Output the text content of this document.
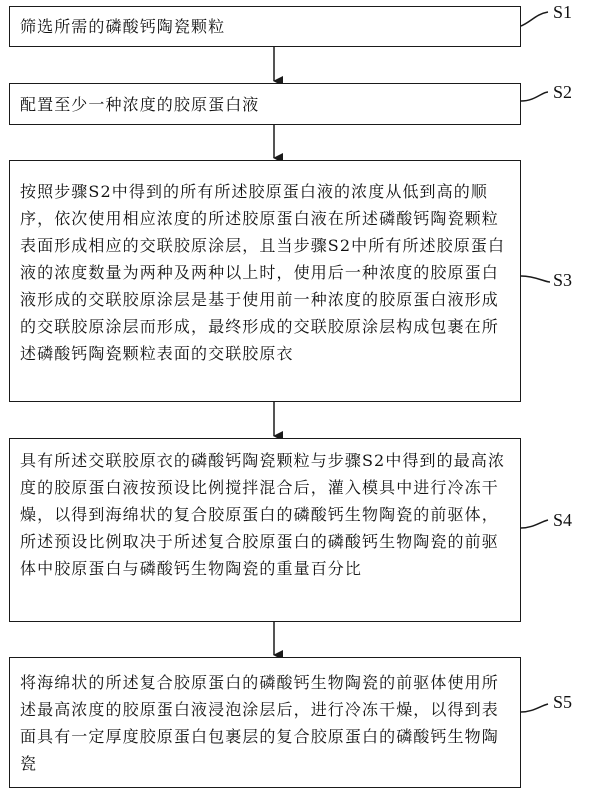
筛选所需的磷酸钙陶瓷颗粒
S1
配置至少一种浓度的胶原蛋白液
S2
按照步骤S2中得到的所有所述胶原蛋白液的浓度从低到高的顺序，依次使用相应浓度的所述胶原蛋白液在所述磷酸钙陶瓷颗粒表面形成相应的交联胶原涂层，且当步骤S2中所有所述胶原蛋白液的浓度数量为两种及两种以上时，使用后一种浓度的胶原蛋白液形成的交联胶原涂层是基于使用前一种浓度的胶原蛋白液形成的交联胶原涂层而形成，最终形成的交联胶原涂层构成包裹在所述磷酸钙陶瓷颗粒表面的交联胶原衣
S3
具有所述交联胶原衣的磷酸钙陶瓷颗粒与步骤S2中得到的最高浓度的胶原蛋白液按预设比例搅拌混合后，灌入模具中进行冷冻干燥，以得到海绵状的复合胶原蛋白的磷酸钙生物陶瓷的前驱体，所述预设比例取决于所述复合胶原蛋白的磷酸钙生物陶瓷的前驱体中胶原蛋白与磷酸钙生物陶瓷的重量百分比
S4
将海绵状的所述复合胶原蛋白的磷酸钙生物陶瓷的前驱体使用所述最高浓度的胶原蛋白液浸泡涂层后，进行冷冻干燥，以得到表面具有一定厚度胶原蛋白包裹层的复合胶原蛋白的磷酸钙生物陶瓷
S5
